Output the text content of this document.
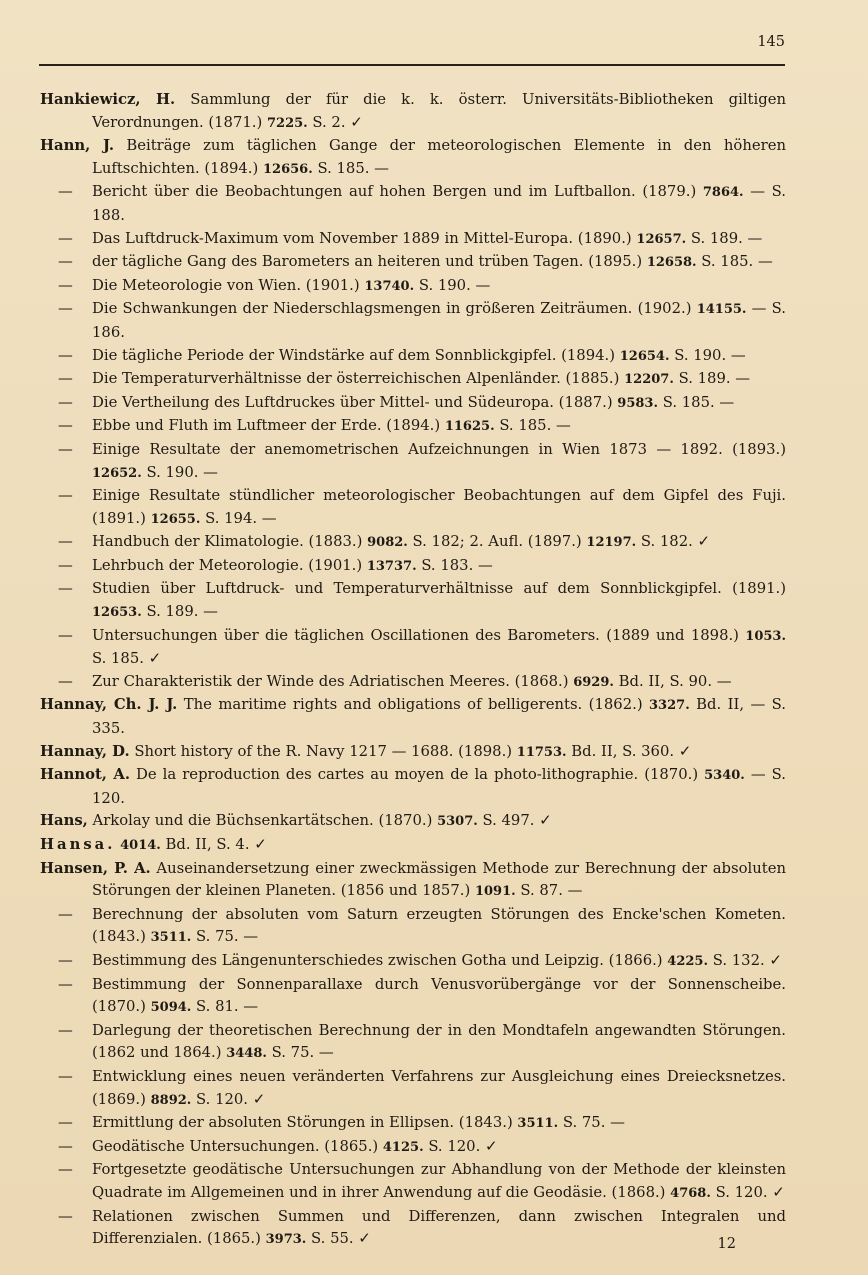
145
Hankiewicz, H. Sammlung der für die k. k. österr. Universitäts-Bibliotheken giltigen Verordnungen. (1871.) 7225. S. 2. ✓
Hann, J. Beiträge zum täglichen Gange der meteorologischen Elemente in den höheren Luftschichten. (1894.) 12656. S. 185. —
— Bericht über die Beobachtungen auf hohen Bergen und im Luftballon. (1879.) 7864. — S. 188.
— Das Luftdruck-Maximum vom November 1889 in Mittel-Europa. (1890.) 12657. S. 189. —
— der tägliche Gang des Barometers an heiteren und trüben Tagen. (1895.) 12658. S. 185. —
— Die Meteorologie von Wien. (1901.) 13740. S. 190. —
— Die Schwankungen der Niederschlagsmengen in größeren Zeiträumen. (1902.) 14155. — S. 186.
— Die tägliche Periode der Windstärke auf dem Sonnblickgipfel. (1894.) 12654. S. 190. —
— Die Temperaturverhältnisse der österreichischen Alpenländer. (1885.) 12207. S. 189. —
— Die Vertheilung des Luftdruckes über Mittel- und Südeuropa. (1887.) 9583. S. 185. —
— Ebbe und Fluth im Luftmeer der Erde. (1894.) 11625. S. 185. —
— Einige Resultate der anemometrischen Aufzeichnungen in Wien 1873 — 1892. (1893.) 12652. S. 190. —
— Einige Resultate stündlicher meteorologischer Beobachtungen auf dem Gipfel des Fuji. (1891.) 12655. S. 194. —
— Handbuch der Klimatologie. (1883.) 9082. S. 182; 2. Aufl. (1897.) 12197. S. 182. ✓
— Lehrbuch der Meteorologie. (1901.) 13737. S. 183. —
— Studien über Luftdruck- und Temperaturverhältnisse auf dem Sonnblickgipfel. (1891.) 12653. S. 189. —
— Untersuchungen über die täglichen Oscillationen des Barometers. (1889 und 1898.) 1053. S. 185. ✓
— Zur Charakteristik der Winde des Adriatischen Meeres. (1868.) 6929. Bd. II, S. 90. —
Hannay, Ch. J. J. The maritime rights and obligations of belligerents. (1862.) 3327. Bd. II, — S. 335.
Hannay, D. Short history of the R. Navy 1217 — 1688. (1898.) 11753. Bd. II, S. 360. ✓
Hannot, A. De la reproduction des cartes au moyen de la photo-lithographie. (1870.) 5340. — S. 120.
Hans, Arkolay und die Büchsenkartätschen. (1870.) 5307. S. 497. ✓
Hansa. 4014. Bd. II, S. 4. ✓
Hansen, P. A. Auseinandersetzung einer zweckmässigen Methode zur Berechnung der absoluten Störungen der kleinen Planeten. (1856 und 1857.) 1091. S. 87. —
— Berechnung der absoluten vom Saturn erzeugten Störungen des Encke'schen Kometen. (1843.) 3511. S. 75. —
— Bestimmung des Längenunterschiedes zwischen Gotha und Leipzig. (1866.) 4225. S. 132. ✓
— Bestimmung der Sonnenparallaxe durch Venusvorübergänge vor der Sonnenscheibe. (1870.) 5094. S. 81. —
— Darlegung der theoretischen Berechnung der in den Mondtafeln angewandten Störungen. (1862 und 1864.) 3448. S. 75. —
— Entwicklung eines neuen veränderten Verfahrens zur Ausgleichung eines Dreiecksnetzes. (1869.) 8892. S. 120. ✓
— Ermittlung der absoluten Störungen in Ellipsen. (1843.) 3511. S. 75. —
— Geodätische Untersuchungen. (1865.) 4125. S. 120. ✓
— Fortgesetzte geodätische Untersuchungen zur Abhandlung von der Methode der kleinsten Quadrate im Allgemeinen und in ihrer Anwendung auf die Geodäsie. (1868.) 4768. S. 120. ✓
— Relationen zwischen Summen und Differenzen, dann zwischen Integralen und Differenzialen. (1865.) 3973. S. 55. ✓	12
